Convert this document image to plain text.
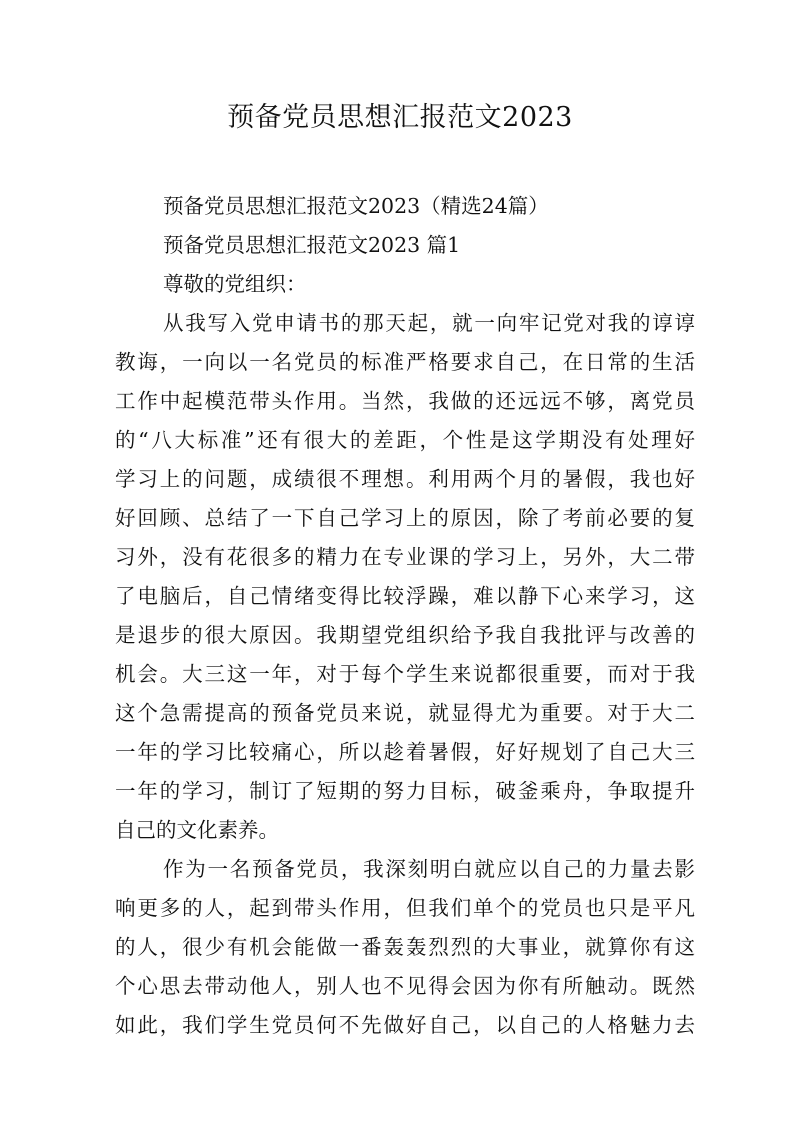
预备党员思想汇报范文2023
预备党员思想汇报范文2023（精选24篇）
预备党员思想汇报范文2023 篇1
尊敬的党组织：
从我写入党申请书的那天起，就一向牢记党对我的谆谆
教诲，一向以一名党员的标准严格要求自己，在日常的生活
工作中起模范带头作用。当然，我做的还远远不够，离党员
的“八大标准”还有很大的差距，个性是这学期没有处理好
学习上的问题，成绩很不理想。利用两个月的暑假，我也好
好回顾、总结了一下自己学习上的原因，除了考前必要的复
习外，没有花很多的精力在专业课的学习上，另外，大二带
了电脑后，自己情绪变得比较浮躁，难以静下心来学习，这
是退步的很大原因。我期望党组织给予我自我批评与改善的
机会。大三这一年，对于每个学生来说都很重要，而对于我
这个急需提高的预备党员来说，就显得尤为重要。对于大二
一年的学习比较痛心，所以趁着暑假，好好规划了自己大三
一年的学习，制订了短期的努力目标，破釜乘舟，争取提升
自己的文化素养。
作为一名预备党员，我深刻明白就应以自己的力量去影
响更多的人，起到带头作用，但我们单个的党员也只是平凡
的人，很少有机会能做一番轰轰烈烈的大事业，就算你有这
个心思去带动他人，别人也不见得会因为你有所触动。既然
如此，我们学生党员何不先做好自己，以自己的人格魅力去
